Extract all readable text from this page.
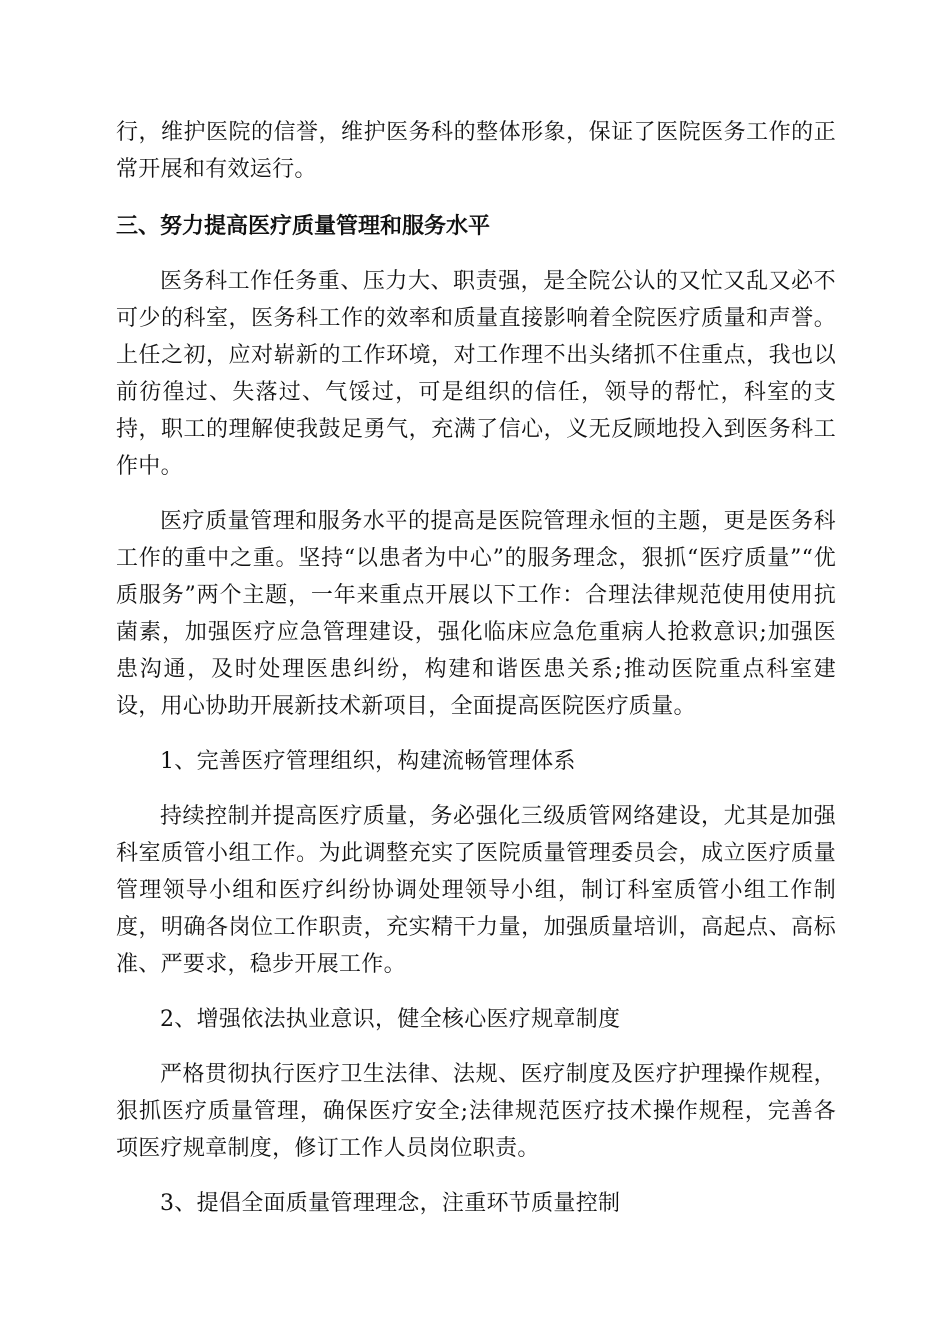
行，维护医院的信誉，维护医务科的整体形象，保证了医院医务工作的正常开展和有效运行。

三、努力提高医疗质量管理和服务水平

医务科工作任务重、压力大、职责强，是全院公认的又忙又乱又必不可少的科室，医务科工作的效率和质量直接影响着全院医疗质量和声誉。上任之初，应对崭新的工作环境，对工作理不出头绪抓不住重点，我也以前彷徨过、失落过、气馁过，可是组织的信任，领导的帮忙，科室的支持，职工的理解使我鼓足勇气，充满了信心，义无反顾地投入到医务科工作中。

医疗质量管理和服务水平的提高是医院管理永恒的主题，更是医务科工作的重中之重。坚持“以患者为中心”的服务理念，狠抓“医疗质量”“优质服务”两个主题，一年来重点开展以下工作：合理法律规范使用使用抗菌素，加强医疗应急管理建设，强化临床应急危重病人抢救意识;加强医患沟通，及时处理医患纠纷，构建和谐医患关系;推动医院重点科室建设，用心协助开展新技术新项目，全面提高医院医疗质量。

1、完善医疗管理组织，构建流畅管理体系

持续控制并提高医疗质量，务必强化三级质管网络建设，尤其是加强科室质管小组工作。为此调整充实了医院质量管理委员会，成立医疗质量管理领导小组和医疗纠纷协调处理领导小组，制订科室质管小组工作制度，明确各岗位工作职责，充实精干力量，加强质量培训，高起点、高标准、严要求，稳步开展工作。

2、增强依法执业意识，健全核心医疗规章制度

严格贯彻执行医疗卫生法律、法规、医疗制度及医疗护理操作规程，狠抓医疗质量管理，确保医疗安全;法律规范医疗技术操作规程，完善各项医疗规章制度，修订工作人员岗位职责。

3、提倡全面质量管理理念，注重环节质量控制
